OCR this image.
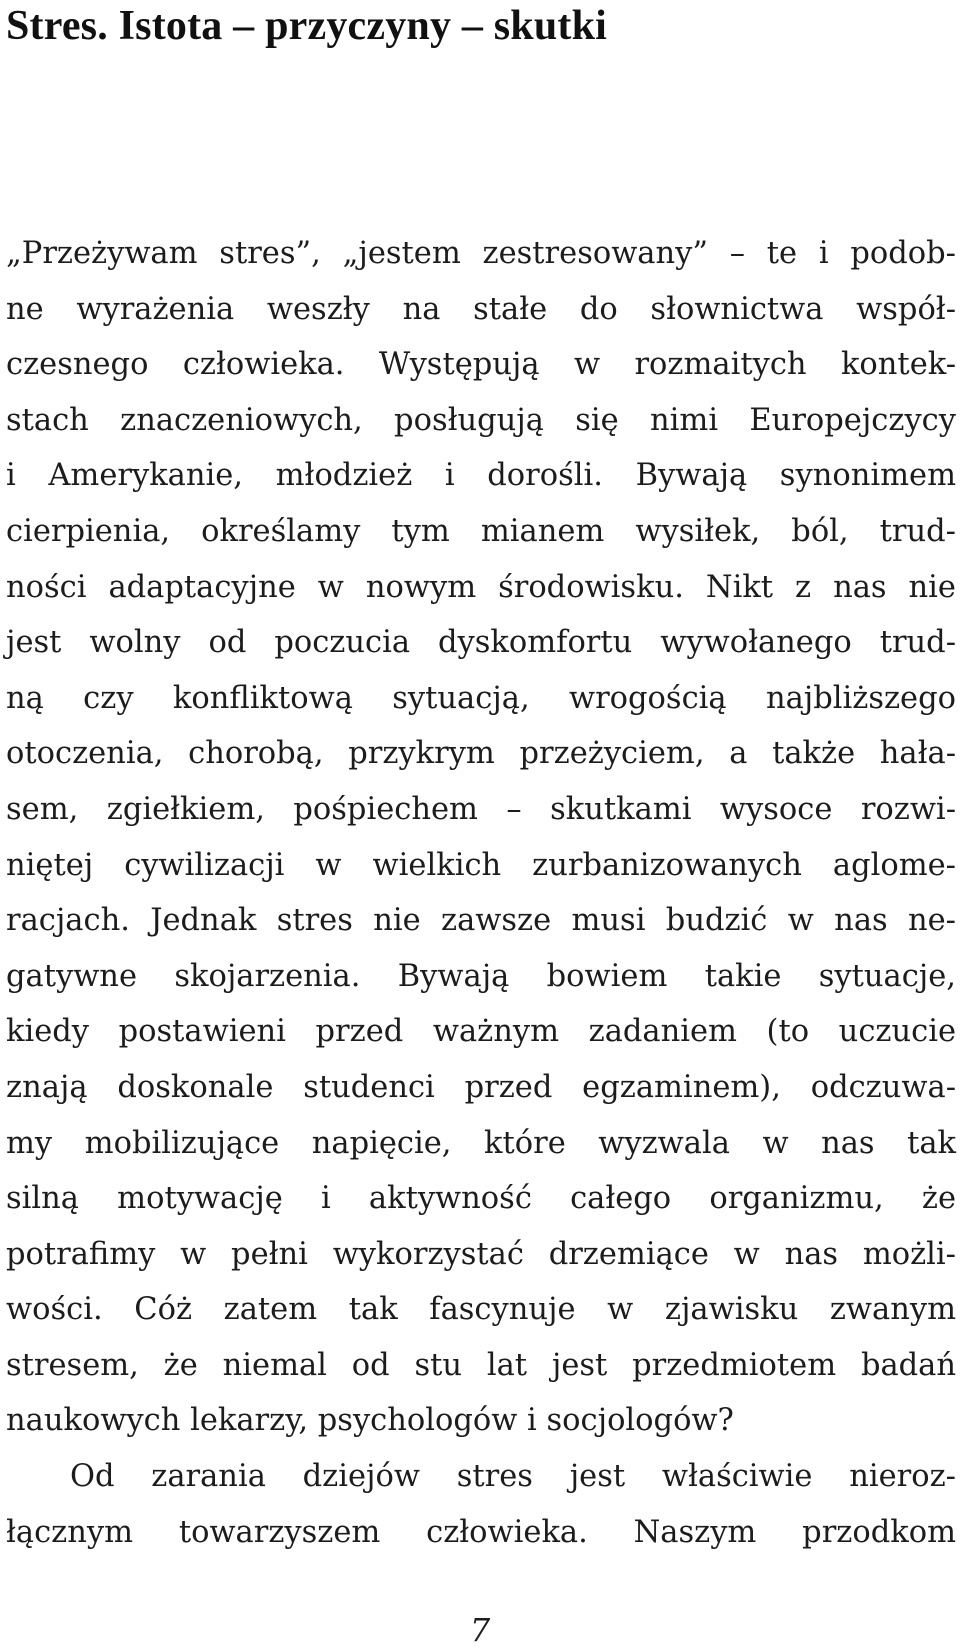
Stres. Istota – przyczyny – skutki
„Przeżywam stres”, „jestem zestresowany” – te i podob-
ne wyrażenia weszły na stałe do słownictwa współ-
czesnego człowieka. Występują w rozmaitych kontek-
stach znaczeniowych, posługują się nimi Europejczycy
i Amerykanie, młodzież i dorośli. Bywają synonimem
cierpienia, określamy tym mianem wysiłek, ból, trud-
ności adaptacyjne w nowym środowisku. Nikt z nas nie
jest wolny od poczucia dyskomfortu wywołanego trud-
ną czy konfliktową sytuacją, wrogością najbliższego
otoczenia, chorobą, przykrym przeżyciem, a także hała-
sem, zgiełkiem, pośpiechem – skutkami wysoce rozwi-
niętej cywilizacji w wielkich zurbanizowanych aglome-
racjach. Jednak stres nie zawsze musi budzić w nas ne-
gatywne skojarzenia. Bywają bowiem takie sytuacje,
kiedy postawieni przed ważnym zadaniem (to uczucie
znają doskonale studenci przed egzaminem), odczuwa-
my mobilizujące napięcie, które wyzwala w nas tak
silną motywację i aktywność całego organizmu, że
potrafimy w pełni wykorzystać drzemiące w nas możli-
wości. Cóż zatem tak fascynuje w zjawisku zwanym
stresem, że niemal od stu lat jest przedmiotem badań
naukowych lekarzy, psychologów i socjologów?
Od zarania dziejów stres jest właściwie nieroz-
łącznym towarzyszem człowieka. Naszym przodkom
7
